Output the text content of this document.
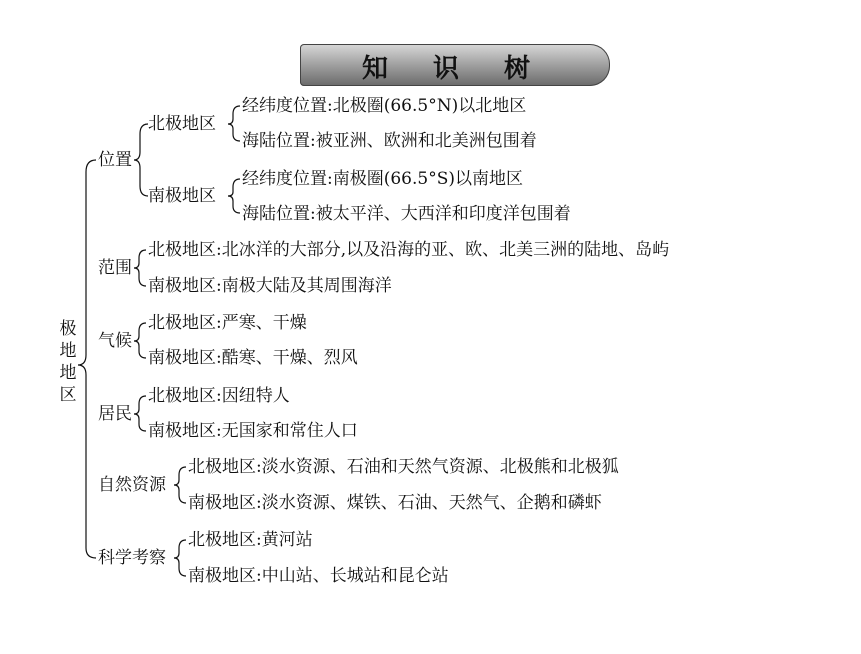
知 识 树
极地地区
位置
北极地区
南极地区
经纬度位置:北极圈(66.5°N)以北地区
海陆位置:被亚洲、欧洲和北美洲包围着
经纬度位置:南极圈(66.5°S)以南地区
海陆位置:被太平洋、大西洋和印度洋包围着
范围
北极地区:北冰洋的大部分,以及沿海的亚、欧、北美三洲的陆地、岛屿
南极地区:南极大陆及其周围海洋
气候
北极地区:严寒、干燥
南极地区:酷寒、干燥、烈风
居民
北极地区:因纽特人
南极地区:无国家和常住人口
自然资源
北极地区:淡水资源、石油和天然气资源、北极熊和北极狐
南极地区:淡水资源、煤铁、石油、天然气、企鹅和磷虾
科学考察
北极地区:黄河站
南极地区:中山站、长城站和昆仑站
